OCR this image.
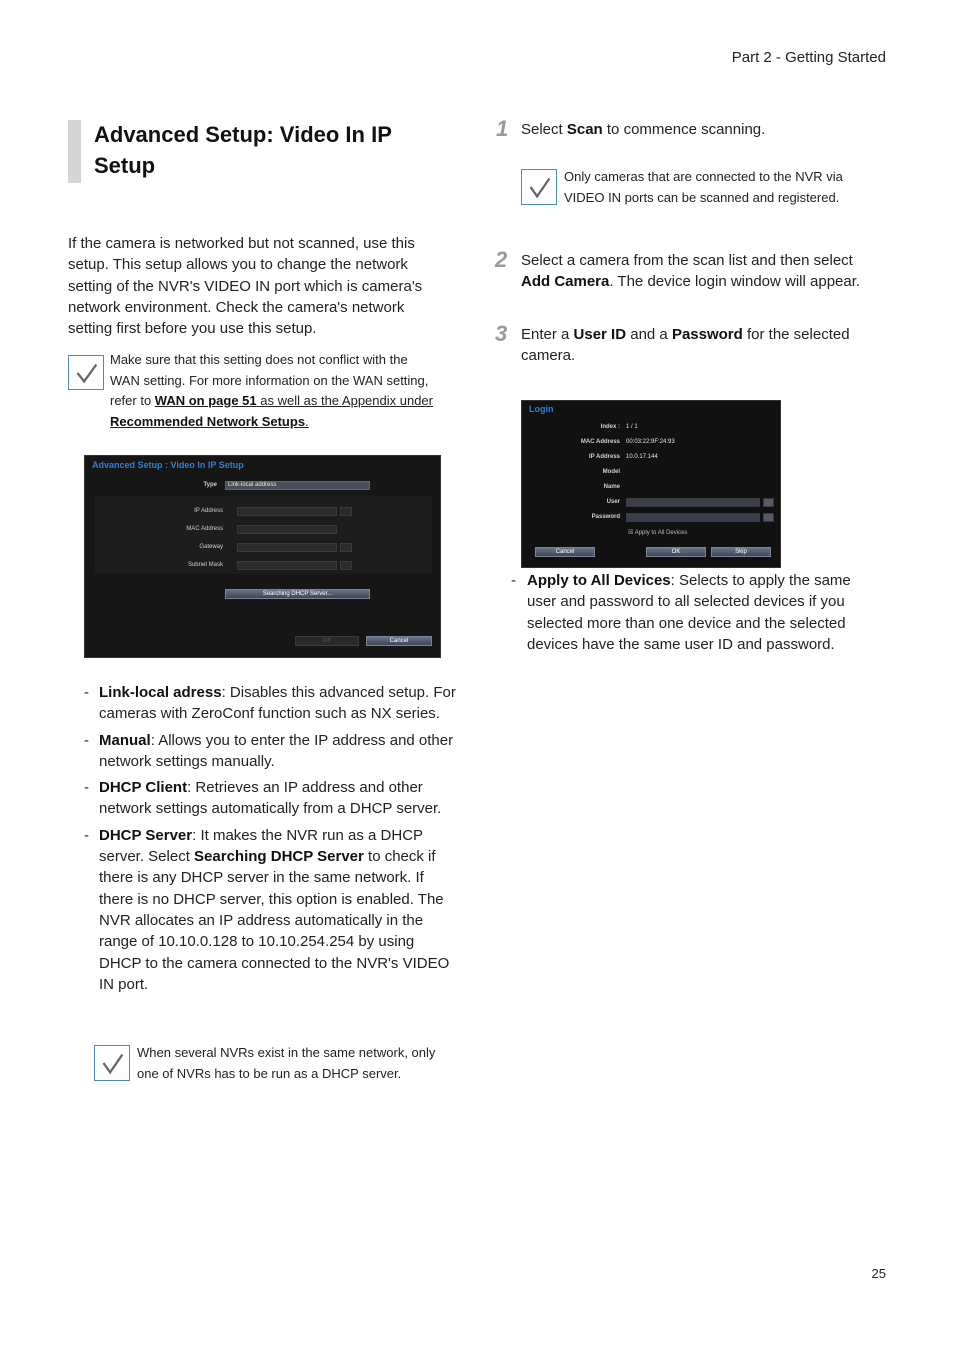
Part 2 - Getting Started
Advanced Setup: Video In IP Setup
If the camera is networked but not scanned, use this setup. This setup allows you to change the network setting of the NVR's VIDEO IN port which is camera's network environment. Check the camera's network setting first before you use this setup.
Make sure that this setting does not conflict with the WAN setting. For more information on the WAN setting, refer to WAN on page 51 as well as the Appendix under Recommended Network Setups.
Advanced Setup : Video In IP Setup
Type Link-local address
IP Address
MAC Address
Gateway
Subnet Mask
Searching DHCP Server...
OK	Cancel
- Link-local adress: Disables this advanced setup. For cameras with ZeroConf function such as NX series.
- Manual: Allows you to enter the IP address and other network settings manually.
- DHCP Client: Retrieves an IP address and other network settings automatically from a DHCP server.
- DHCP Server: It makes the NVR run as a DHCP server. Select Searching DHCP Server to check if there is any DHCP server in the same network. If there is no DHCP server, this option is enabled. The NVR allocates an IP address automatically in the range of 10.10.0.128 to 10.10.254.254 by using DHCP to the camera connected to the NVR's VIDEO IN port.
When several NVRs exist in the same network, only one of NVRs has to be run as a DHCP server.
1 Select Scan to commence scanning.
Only cameras that are connected to the NVR via VIDEO IN ports can be scanned and registered.
2 Select a camera from the scan list and then select Add Camera. The device login window will appear.
3 Enter a User ID and a Password for the selected camera.
Login
Index : 1 / 1
MAC Address 00:03:22:9F:24:93
IP Address 10.0.17.144
Model
Name
User
Password
☒ Apply to All Devices
Cancel	OK	Skip
- Apply to All Devices: Selects to apply the same user and password to all selected devices if you selected more than one device and the selected devices have the same user ID and password.
25
